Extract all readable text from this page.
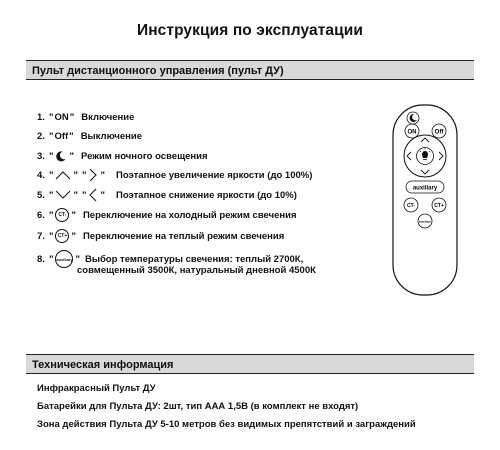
Инструкция по эксплуатации
Пульт дистанционного управления (пульт ДУ)
1. " ON " Включение
2. " Off " Выключение
3. " " Режим ночного освещения
4. " " " " Поэтапное увеличение яркости (до 100%)
5. " " " " Поэтапное снижение яркости (до 10%)
6. " CT- " Переключение на холодный режим свечения
7. " CT+ " Переключение на теплый режим свечения
8. " auxiliary " Выбор температуры свечения: теплый 2700К,
совмещенный 3500К, натуральный дневной 4500К
ON	Off
auxiliary
CT-	CT+
auxiliary
Техническая информация
Инфракрасный Пульт ДУ
Батарейки для Пульта ДУ: 2шт, тип ААА 1,5В (в комплект не входят)
Зона действия Пульта ДУ 5-10 метров без видимых препятствий и заграждений
